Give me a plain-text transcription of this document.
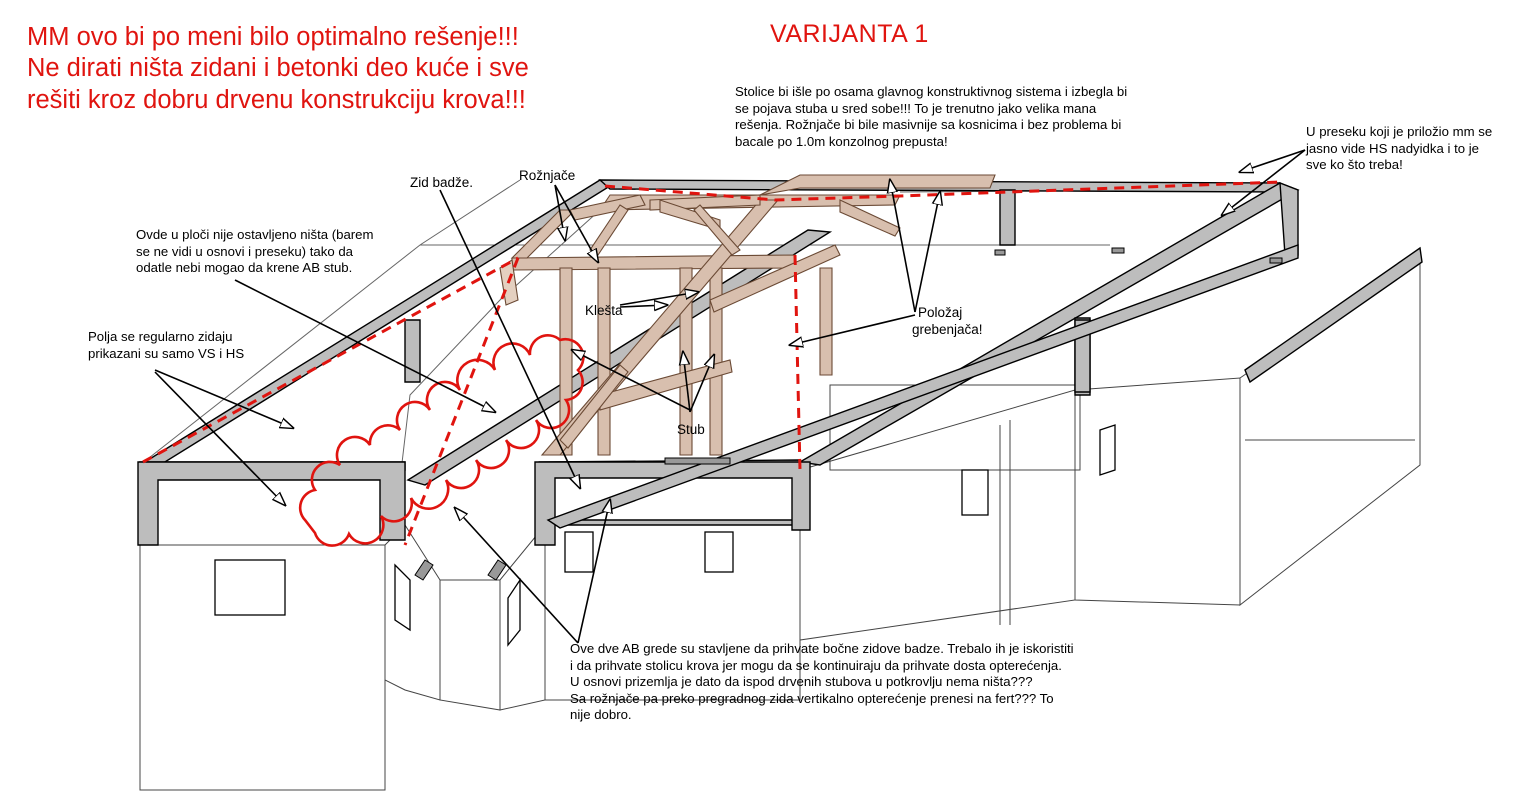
MM ovo bi po meni bilo optimalno rešenje!!!

Ne dirati ništa zidani i betonki deo kuće i sve

rešiti kroz dobru drvenu konstrukciju krova!!!

VARIJANTA 1

Stolice bi išle po osama glavnog konstruktivnog sistema i izbegla bi
se pojava stuba u sred sobe!!! To je trenutno jako velika mana
rešenja. Rožnjače bi bile masivnije sa kosnicima i bez problema bi
bacale po 1.0m konzolnog prepusta!
U preseku koji je priložio mm se
jasno vide HS nadyidka i to je
sve ko što treba!
Ovde u ploči nije ostavljeno ništa (barem
se ne vidi u osnovi i preseku) tako da
odatle nebi mogao da krene AB stub.
Polja se regularno zidaju
prikazani su samo VS i HS
Ove dve AB grede su stavljene da prihvate bočne zidove badze. Trebalo ih je iskoristiti
i da prihvate stolicu krova jer mogu da se kontinuiraju da prihvate dosta opterećenja.
U osnovi prizemlja je dato da ispod drvenih stubova u potkrovlju nema ništa???
Sa rožnjače pa preko pregradnog zida vertikalno opterećenje prenesi na fert??? To
nije dobro.

Zid badže.	Rožnjače

Klešta	Položaj

grebenjača!

Stub
